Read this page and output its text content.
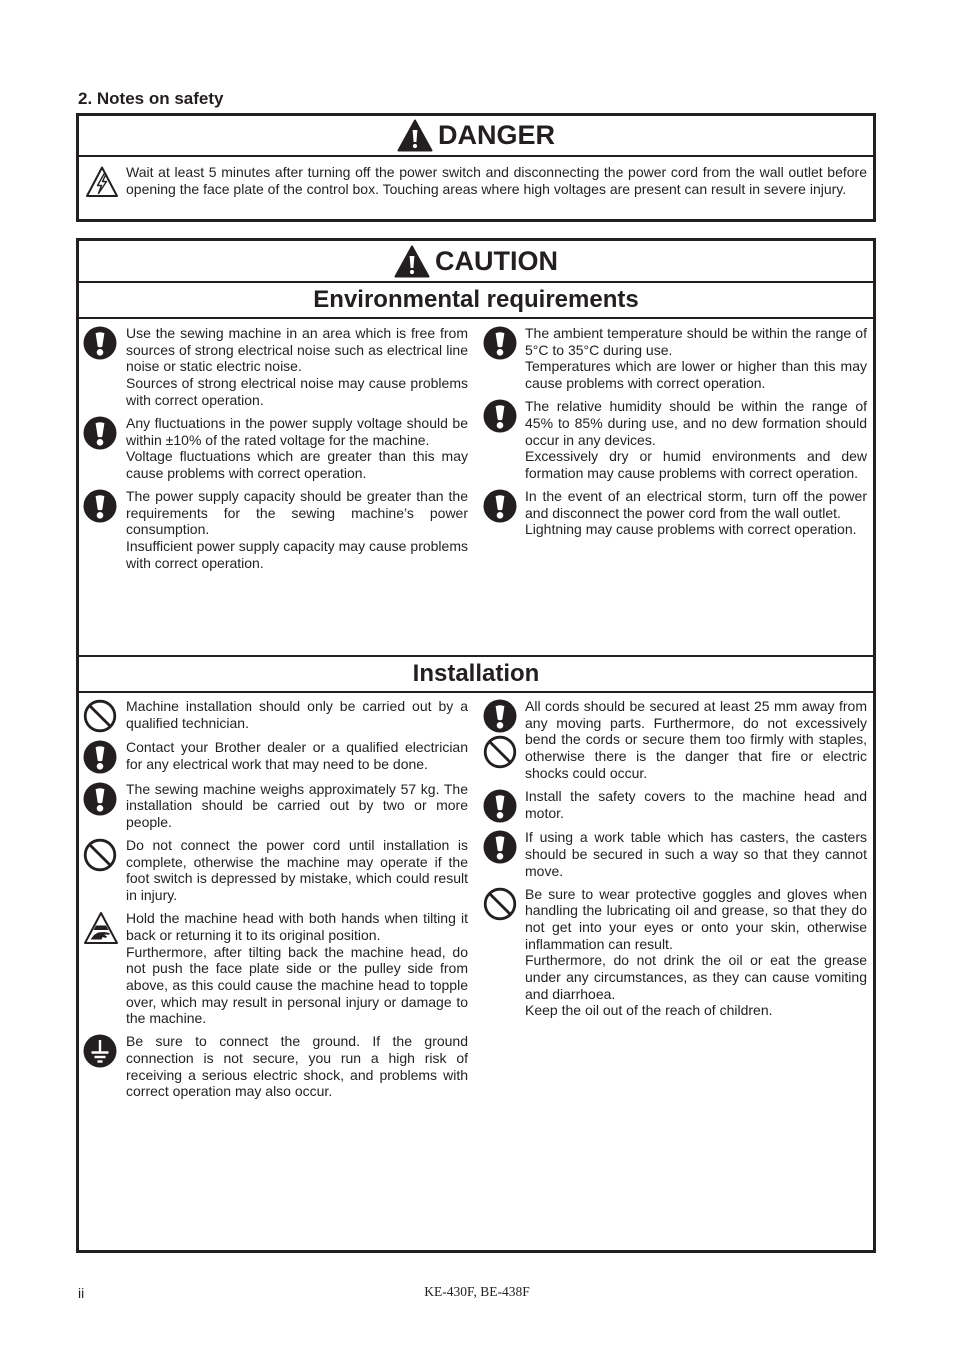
2. Notes on safety
DANGER

Wait at least 5 minutes after turning off the power switch and disconnecting the power cord from the wall outlet before opening the face plate of the control box. Touching areas where high voltages are present can result in severe injury.

CAUTION
Environmental requirements

Use the sewing machine in an area which is free from sources of strong electrical noise such as electrical line noise or static electric noise.

Sources of strong electrical noise may cause problems with correct operation.

Any fluctuations in the power supply voltage should be within ±10% of the rated voltage for the machine.

Voltage fluctuations which are greater than this may cause problems with correct operation.

The power supply capacity should be greater than the requirements for the sewing machine’s power consumption.

Insufficient power supply capacity may cause problems with correct operation.

The ambient temperature should be within the range of 5°C to 35°C during use.

Temperatures which are lower or higher than this may cause problems with correct operation.

The relative humidity should be within the range of 45% to 85% during use, and no dew formation should occur in any devices.

Excessively dry or humid environments and dew formation may cause problems with correct operation.

In the event of an electrical storm, turn off the power and disconnect the power cord from the wall outlet.

Lightning may cause problems with correct operation.

Installation

Machine installation should only be carried out by a qualified technician.

Contact your Brother dealer or a qualified electrician for any electrical work that may need to be done.

The sewing machine weighs approximately 57 kg. The installation should be carried out by two or more people.

Do not connect the power cord until installation is complete, otherwise the machine may operate if the foot switch is depressed by mistake, which could result in injury.

Hold the machine head with both hands when tilting it back or returning it to its original position.

Furthermore, after tilting back the machine head, do not push the face plate side or the pulley side from above, as this could cause the machine head to topple over, which may result in personal injury or damage to the machine.

Be sure to connect the ground. If the ground connection is not secure, you run a high risk of receiving a serious electric shock, and problems with correct operation may also occur.

All cords should be secured at least 25 mm away from any moving parts. Furthermore, do not excessively bend the cords or secure them too firmly with staples, otherwise there is the danger that fire or electric shocks could occur.

Install the safety covers to the machine head and motor.

If using a work table which has casters, the casters should be secured in such a way so that they cannot move.

Be sure to wear protective goggles and gloves when handling the lubricating oil and grease, so that they do not get into your eyes or onto your skin, otherwise inflammation can result.

Furthermore, do not drink the oil or eat the grease under any circumstances, as they can cause vomiting and diarrhoea.

Keep the oil out of the reach of children.

ii	KE-430F, BE-438F
